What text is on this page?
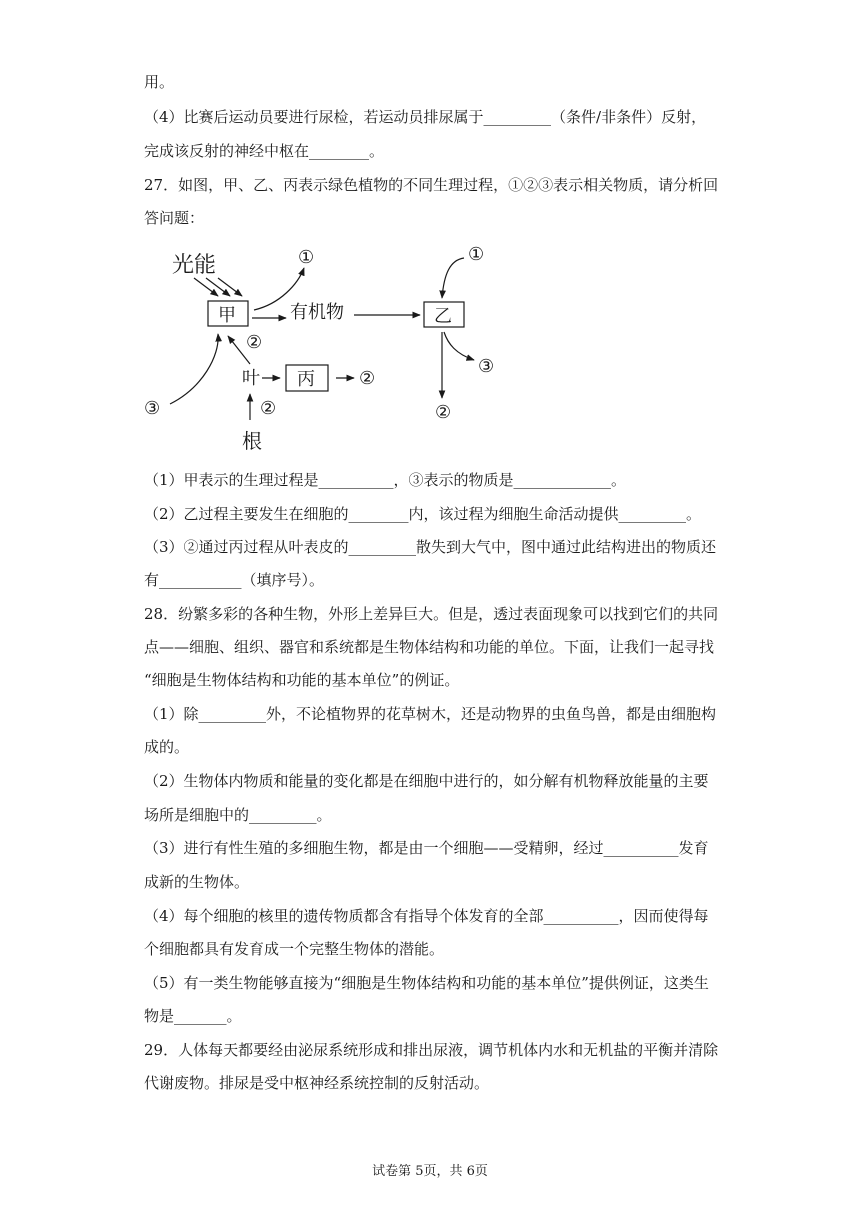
用。
（4）比赛后运动员要进行尿检，若运动员排尿属于_________（条件/非条件）反射，
完成该反射的神经中枢在________。
27．如图，甲、乙、丙表示绿色植物的不同生理过程，①②③表示相关物质，请分析回
答问题：
光能
甲
①
有机物	乙
①
③
②
③
②
叶 丙 ②
②
根
（1）甲表示的生理过程是__________，③表示的物质是_____________。
（2）乙过程主要发生在细胞的________内，该过程为细胞生命活动提供_________。
（3）②通过丙过程从叶表皮的_________散失到大气中，图中通过此结构进出的物质还
有___________（填序号）。
28．纷繁多彩的各种生物，外形上差异巨大。但是，透过表面现象可以找到它们的共同
点——细胞、组织、器官和系统都是生物体结构和功能的单位。下面，让我们一起寻找
“细胞是生物体结构和功能的基本单位”的例证。
（1）除_________外，不论植物界的花草树木，还是动物界的虫鱼鸟兽，都是由细胞构
成的。
（2）生物体内物质和能量的变化都是在细胞中进行的，如分解有机物释放能量的主要
场所是细胞中的_________。
（3）进行有性生殖的多细胞生物，都是由一个细胞——受精卵，经过__________发育
成新的生物体。
（4）每个细胞的核里的遗传物质都含有指导个体发育的全部__________，因而使得每
个细胞都具有发育成一个完整生物体的潜能。
（5）有一类生物能够直接为“细胞是生物体结构和功能的基本单位”提供例证，这类生
物是_______。
29．人体每天都要经由泌尿系统形成和排出尿液，调节机体内水和无机盐的平衡并清除
代谢废物。排尿是受中枢神经系统控制的反射活动。
试卷第 5页，共 6页
